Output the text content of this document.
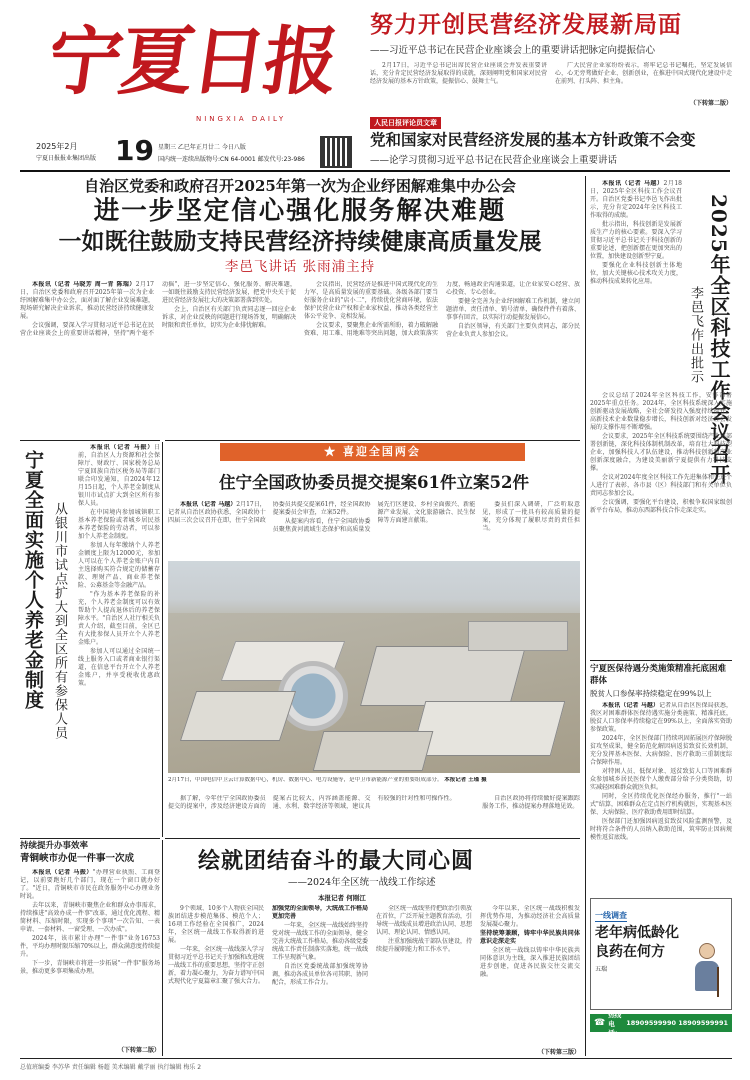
宁夏日报
NINGXIA DAILY
2025年2月
宁夏日报报业集团出版 19 星期三 乙巳年正月廿二 今日八版
国内统一连续出版物号:CN 64-0001 邮发代号:23-986
努力开创民营经济发展新局面
——习近平总书记在民营企业座谈会上的重要讲话把脉定向提振信心

2月17日，习近平总书记出席民营企业座谈会并发表重要讲话，充分肯定民营经济发展取得的成就，深刻阐明党和国家对民营经济发展的基本方针政策，提振信心、鼓舞士气。

广大民营企业家纷纷表示，将牢记总书记嘱托，坚定发展信心，心无旁骛做好企业、创新创业，在推进中国式现代化建设中走在前列、打头阵、担主角。

（下转第二版）
人民日报评论员文章
党和国家对民营经济发展的基本方针政策不会变
——论学习贯彻习近平总书记在民营企业座谈会上重要讲话
自治区党委和政府召开2025年第一次为企业纾困解难集中办公会
进一步坚定信心强化服务解决难题
一如既往鼓励支持民营经济持续健康高质量发展
李邑飞讲话 张雨浦主持

本报讯（记者 马晓芳 周一青 陈瑞）2月17日，自治区党委和政府召开2025年第一次为企业纾困解难集中办公会，面对面了解企业发展难题，现场研究解决企业诉求，推动民营经济持续健康发展。

会议强调，要深入学习贯彻习近平总书记在民营企业座谈会上的重要讲话精神，坚持"两个毫不动摇"，进一步坚定信心、强化服务、解决难题，一如既往鼓励支持民营经济发展，把党中央关于促进民营经济发展壮大的决策部署落到实处。

会上，自治区有关部门负责同志逐一回应企业诉求，对企业反映的问题进行现场答复，明确解决时限和责任单位，切实为企业排忧解难。

会议指出，民营经济是推进中国式现代化的生力军，是高质量发展的重要基础。各级各部门要当好服务企业的"店小二"，持续优化营商环境，依法保护民营企业产权和企业家权益，推动各类经营主体公平竞争、竞相发展。

会议要求，要聚焦企业所需所盼，着力破解融资难、用工难、用地难等突出问题，加大政策落实力度，畅通政企沟通渠道，让企业家安心经营、放心投资、专心创业。

要健全完善为企业纾困解难工作机制，建立问题清单、责任清单、销号清单，确保件件有着落、事事有回音，以实际行动提振发展信心。

自治区领导，有关部门主要负责同志，部分民营企业负责人参加会议。

宁夏全面实施个人养老金制度 从银川市试点扩大到全区所有参保人员

本报讯（记者 马振）日前，自治区人力资源和社会保障厅、财政厅、国家税务总局宁夏回族自治区税务局等部门联合印发通知，自2024年12月15日起，个人养老金制度从银川市试点扩大到全区所有参保人员。

在中国境内参加城镇职工基本养老保险或者城乡居民基本养老保险的劳动者，可以参加个人养老金制度。

参加人每年缴纳个人养老金额度上限为12000元，参加人可以在个人养老金账户内自主选择购买符合规定的储蓄存款、理财产品、商业养老保险、公募基金等金融产品。

"作为基本养老保险的补充，个人养老金制度可以有效帮助个人提高退休后的养老保障水平。"自治区人社厅相关负责人介绍，截至目前，全区已有大批参保人员开立个人养老金账户。

参加人可以通过全国统一线上服务入口或者商业银行渠道，在信息平台开立个人养老金账户，并享受税收优惠政策。

★ 喜迎全国两会
住宁全国政协委员提交提案61件立案52件

本报讯（记者 马越）2月17日，记者从自治区政协获悉，全国政协十四届三次会议召开在即，住宁全国政协委员共提交提案61件，经全国政协提案委员会审查，立案52件。

从提案内容看，住宁全国政协委员聚焦黄河流域生态保护和高质量发展先行区建设、乡村全面振兴、新能源产业发展、文化旅游融合、民生保障等方面建言献策。

委员们深入调研，广泛听取意见，形成了一批具有较高质量的提案，充分体现了履职尽责的责任担当。

2月17日，中国电信中卫云计算数据中心，机房、数据中心、电力设施等，是中卫市新能源产业的重要组成部分。 本报记者 王瑾 摄

据了解，今年住宁全国政协委员提交的提案中，涉及经济建设方面的提案占比较大，内容涵盖能源、交通、水利、数字经济等领域，建议具有较强的针对性和可操作性。	自治区政协将持续做好提案跟踪服务工作，推动提案办理落地见效。

2025年全区科技工作会议召开
李邑飞作出批示

本报讯（记者 马越）2月18日，2025年全区科技工作会议召开。自治区党委书记李邑飞作出批示，充分肯定2024年全区科技工作取得的成绩。

批示指出，科技创新是发展新质生产力的核心要素。要深入学习贯彻习近平总书记关于科技创新的重要论述，把创新摆在更加突出的位置，加快建设创新型宁夏。

要强化企业科技创新主体地位，加大关键核心技术攻关力度，推动科技成果转化应用。

会议总结了2024年全区科技工作，安排部署2025年重点任务。2024年，全区科技系统深入实施创新驱动发展战略，全社会研发投入强度持续提升，高新技术企业数量稳步增长，科技创新对经济社会发展的支撑作用不断增强。

会议要求，2025年全区科技系统要围绕产业链部署创新链，深化科技体制机制改革，培育壮大科技型企业，加强科技人才队伍建设，推动科技创新和产业创新深度融合，为建设美丽新宁夏提供有力科技支撑。

会议对2024年度全区科技工作先进集体和先进个人进行了表彰，各市县（区）科技部门和有关单位负责同志参加会议。

会议强调，要强化平台建设，积极争取国家级创新平台布局，推动东西部科技合作走深走实。

宁夏医保待遇分类施策精准托底困难群体
脱贫人口参保率持续稳定在99%以上

本报讯（记者 马越）记者从自治区医保局获悉，我区对困难群体医保待遇实施分类施策、精准托底，脱贫人口参保率持续稳定在99%以上，全面落实资助参保政策。

2024年，全区医保部门持续巩固拓展医疗保障脱贫攻坚成果，健全防范化解因病返贫致贫长效机制，充分发挥基本医保、大病保险、医疗救助三重制度综合保障作用。

对特困人员、低保对象、返贫致贫人口等困难群众参加城乡居民医保个人缴费部分给予分类资助，切实减轻困难群众就医负担。

同时，全区持续优化医保经办服务，推行"一站式"结算，困难群众在定点医疗机构就医，实现基本医保、大病保险、医疗救助费用即时结算。

医保部门还加强因病返贫致贫风险监测预警，及时将符合条件的人员纳入救助范围，筑牢防止因病规模性返贫底线。

持续提升办事效率
青铜峡市办促一件事一次成

本报讯（记者 马振）"办理营业执照、工商登记，以前要跑好几个部门，现在一个窗口就办好了。"近日，青铜峡市市民在政务服务中心办理业务时说。

去年以来，青铜峡市聚焦企业和群众办事需求，持续推进"高效办成一件事"改革，通过优化流程、精简材料、压缩时限，实现多个事项"一次告知、一表申请、一套材料、一窗受理、一次办成"。

2024年，该市累计办理"一件事"业务16753件，平均办理时限压缩70%以上，群众满意度持续提升。

下一步，青铜峡市将进一步拓展"一件事"服务场景，推动更多事项集成办理。

（下转第二版）
绘就团结奋斗的最大同心圆
——2024年全区统一战线工作综述
本报记者 何刚江

9个领域、10多个人物获全国民族团结进步模范集体、模范个人；16项工作经验在全国推广，2024年，全区统一战线工作取得新的进展。

一年来，全区统一战线深入学习贯彻习近平总书记关于加强和改进统一战线工作的重要思想，坚持守正创新，着力凝心聚力，为奋力谱写中国式现代化宁夏篇章汇聚了强大合力。

加强党的全面领导，大统战工作格局更加完善

一年来，全区统一战线始终坚持党对统一战线工作的全面领导，健全完善大统战工作格局，推动各级党委统战工作责任制落实落地，统一战线工作呈现新气象。

自治区党委统战部加强统筹协调，推动各成员单位各司其职、协同配合，形成工作合力。

全区统一战线坚持把政治引领放在首位，广泛开展主题教育活动，引导统一战线成员增进政治认同、思想认同、理论认同、情感认同。

注重加强统战干部队伍建设，持续提升履职能力和工作水平。

今年以来，全区统一战线积极发挥优势作用，为推动经济社会高质量发展凝心聚力。

坚持统筹兼顾，铸牢中华民族共同体意识走深走实

全区统一战线以铸牢中华民族共同体意识为主线，深入推进民族团结进步创建，促进各民族交往交流交融。

（下转第三版）
一线调查
老年病低龄化 良药在何方
五瑞
☎
热线电话：
18909599990 18909599991
总值班编委 李苏华 责任编辑 杨超 美术编辑 戴学丽 执行编辑 梅乐 2
